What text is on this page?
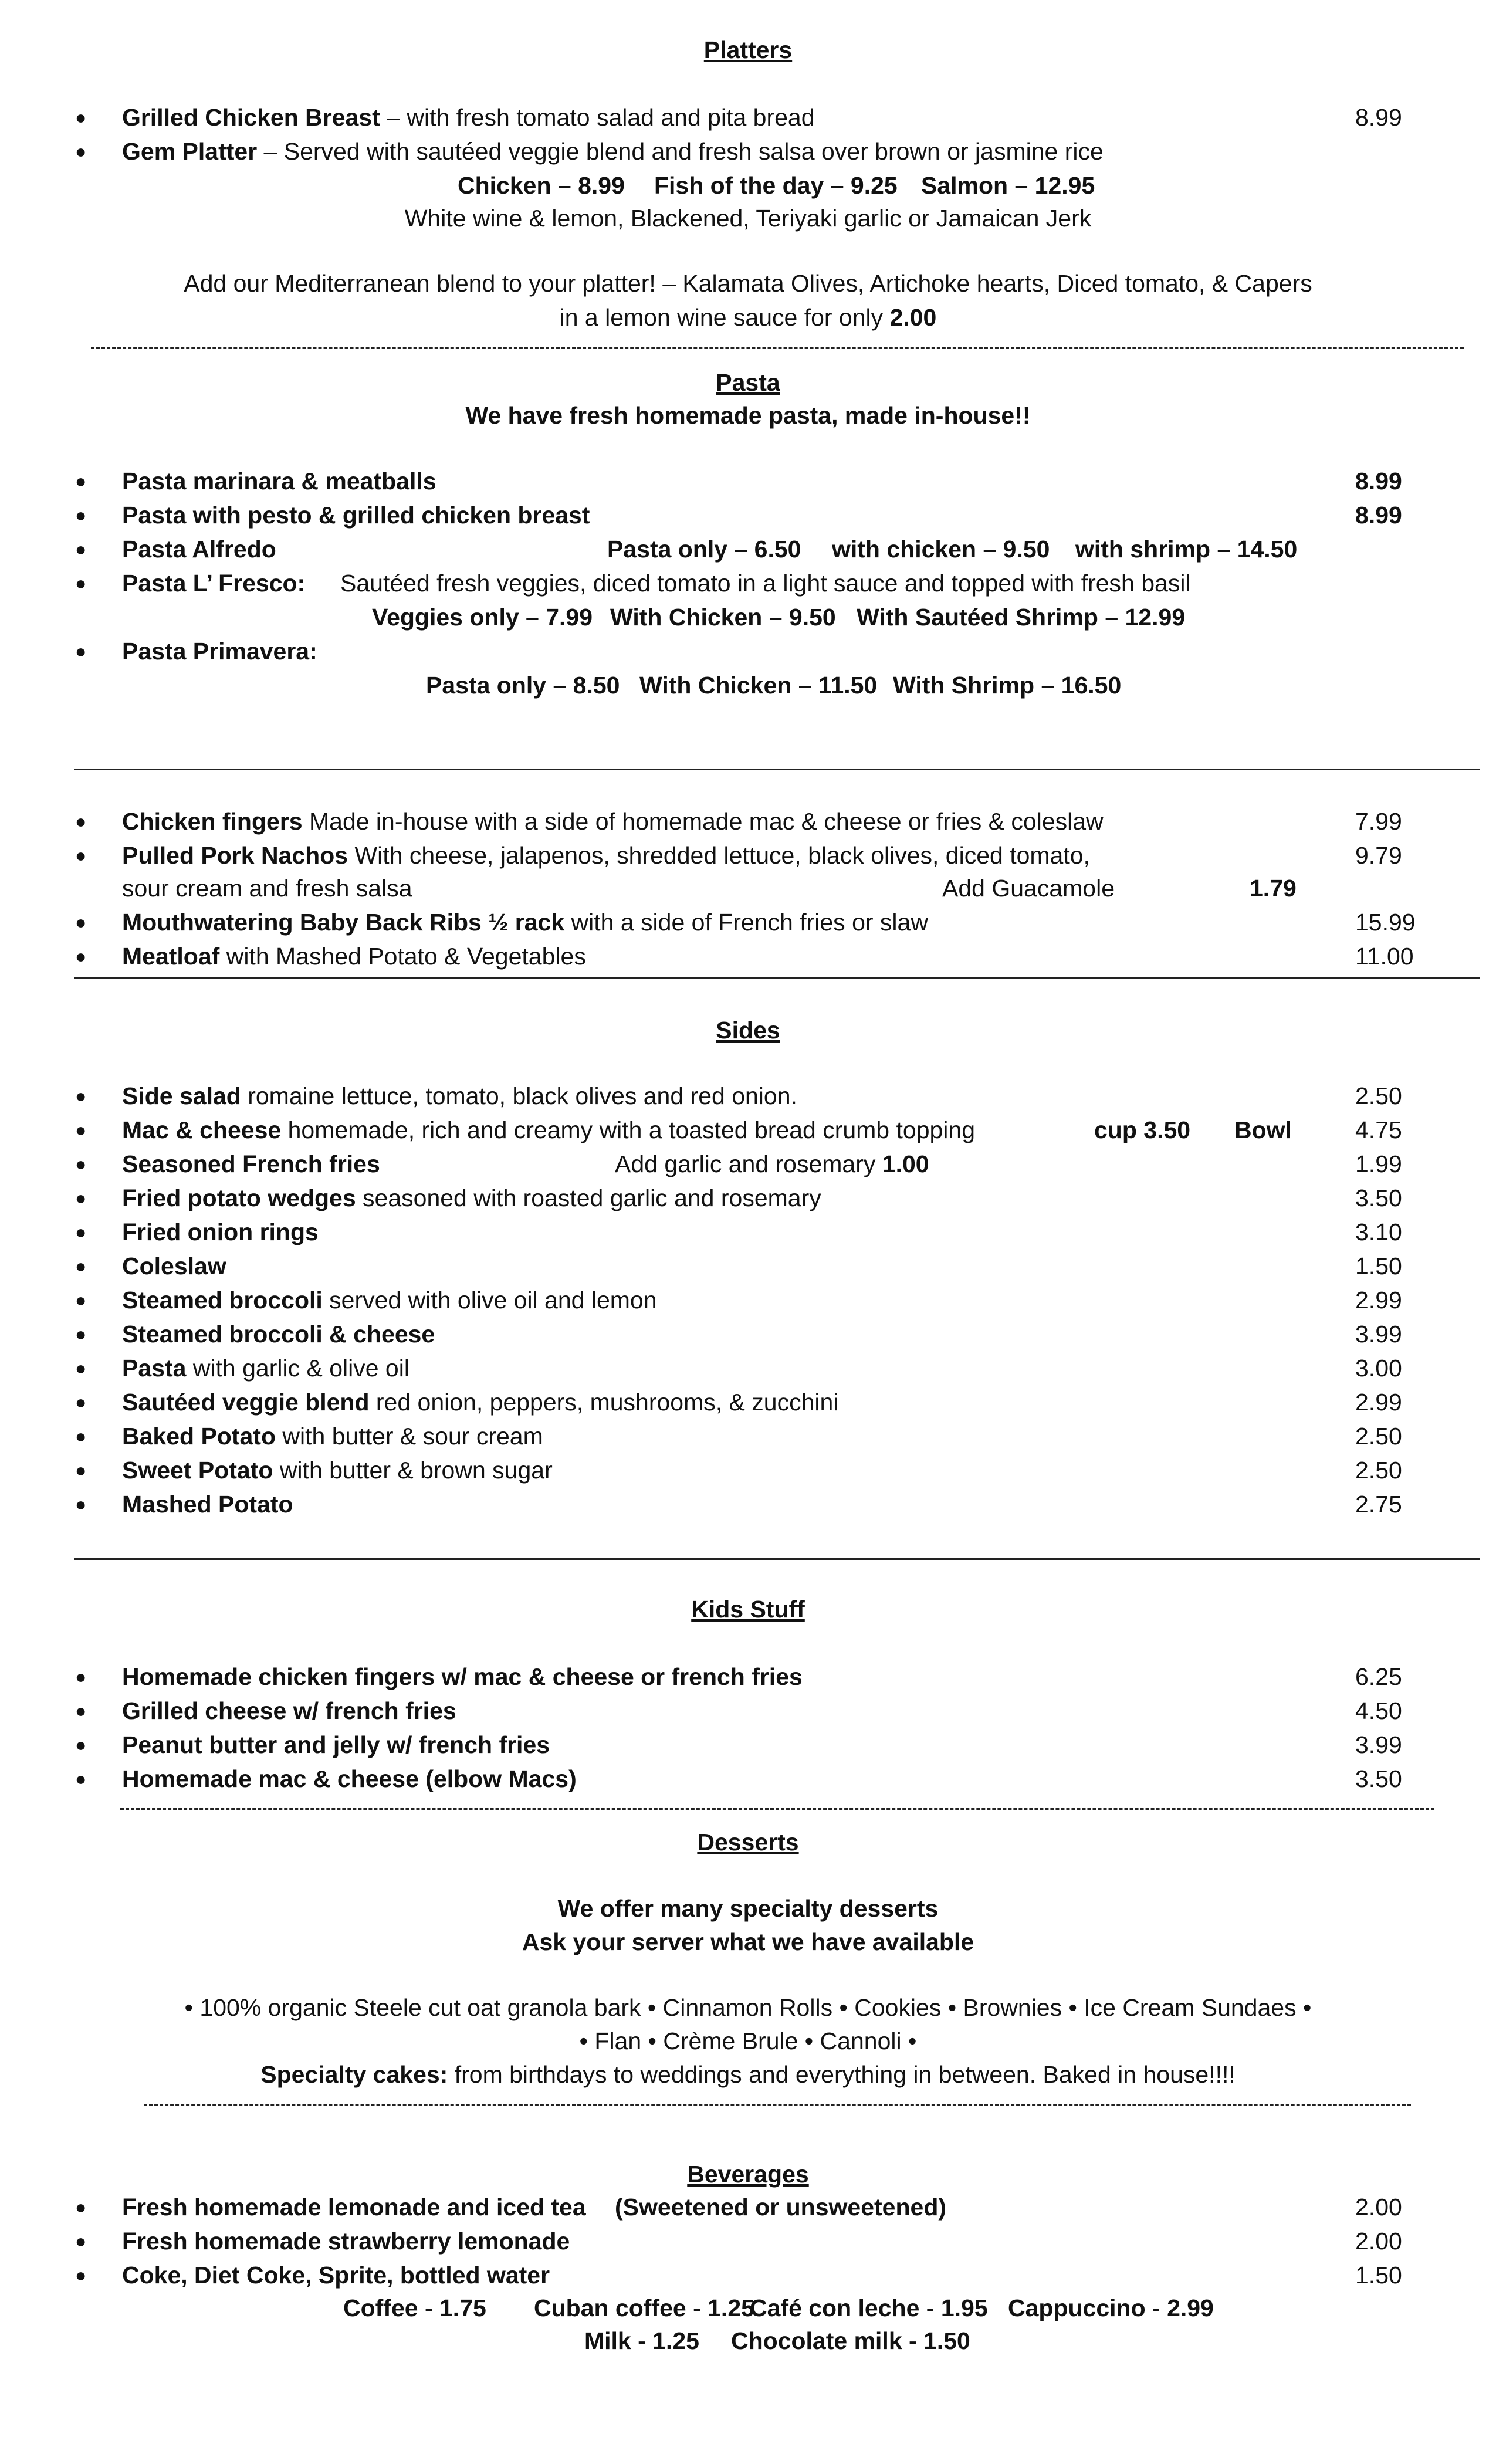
Platters
● Grilled Chicken Breast – with fresh tomato salad and pita bread	8.99
● Gem Platter – Served with sautéed veggie blend and fresh salsa over brown or jasmine rice
Chicken – 8.99 Fish of the day – 9.25 Salmon – 12.95
White wine & lemon, Blackened, Teriyaki garlic or Jamaican Jerk
Add our Mediterranean blend to your platter! – Kalamata Olives, Artichoke hearts, Diced tomato, & Capers
in a lemon wine sauce for only 2.00
Pasta
We have fresh homemade pasta, made in-house!!
● Pasta marinara & meatballs	8.99
● Pasta with pesto & grilled chicken breast	8.99
● Pasta Alfredo	Pasta only – 6.50 with chicken – 9.50 with shrimp – 14.50
● Pasta L’ Fresco: Sautéed fresh veggies, diced tomato in a light sauce and topped with fresh basil
Veggies only – 7.99 With Chicken – 9.50 With Sautéed Shrimp – 12.99
● Pasta Primavera:
Pasta only – 8.50 With Chicken – 11.50 With Shrimp – 16.50
● Chicken fingers Made in-house with a side of homemade mac & cheese or fries & coleslaw	7.99
● Pulled Pork Nachos With cheese, jalapenos, shredded lettuce, black olives, diced tomato,	9.79
sour cream and fresh salsa	Add Guacamole	1.79
● Mouthwatering Baby Back Ribs ½ rack with a side of French fries or slaw	15.99
● Meatloaf with Mashed Potato & Vegetables	11.00
Sides
● Side salad romaine lettuce, tomato, black olives and red onion.	2.50
● Mac & cheese homemade, rich and creamy with a toasted bread crumb topping	cup 3.50 Bowl	4.75
● Seasoned French fries	Add garlic and rosemary 1.00	1.99
● Fried potato wedges seasoned with roasted garlic and rosemary	3.50
● Fried onion rings	3.10
● Coleslaw	1.50
● Steamed broccoli served with olive oil and lemon	2.99
● Steamed broccoli & cheese	3.99
● Pasta with garlic & olive oil	3.00
● Sautéed veggie blend red onion, peppers, mushrooms, & zucchini	2.99
● Baked Potato with butter & sour cream	2.50
● Sweet Potato with butter & brown sugar	2.50
● Mashed Potato	2.75
Kids Stuff
● Homemade chicken fingers w/ mac & cheese or french fries	6.25
● Grilled cheese w/ french fries	4.50
● Peanut butter and jelly w/ french fries	3.99
● Homemade mac & cheese (elbow Macs)	3.50
Desserts
We offer many specialty desserts
Ask your server what we have available
• 100% organic Steele cut oat granola bark • Cinnamon Rolls • Cookies • Brownies • Ice Cream Sundaes •
• Flan • Crème Brule • Cannoli •
Specialty cakes: from birthdays to weddings and everything in between. Baked in house!!!!
Beverages
● Fresh homemade lemonade and iced tea (Sweetened or unsweetened)	2.00
● Fresh homemade strawberry lemonade	2.00
● Coke, Diet Coke, Sprite, bottled water	1.50
Coffee - 1.75 Cuban coffee - 1.25
Café con leche - 1.95 Cappuccino - 2.99
Milk - 1.25 Chocolate milk - 1.50
